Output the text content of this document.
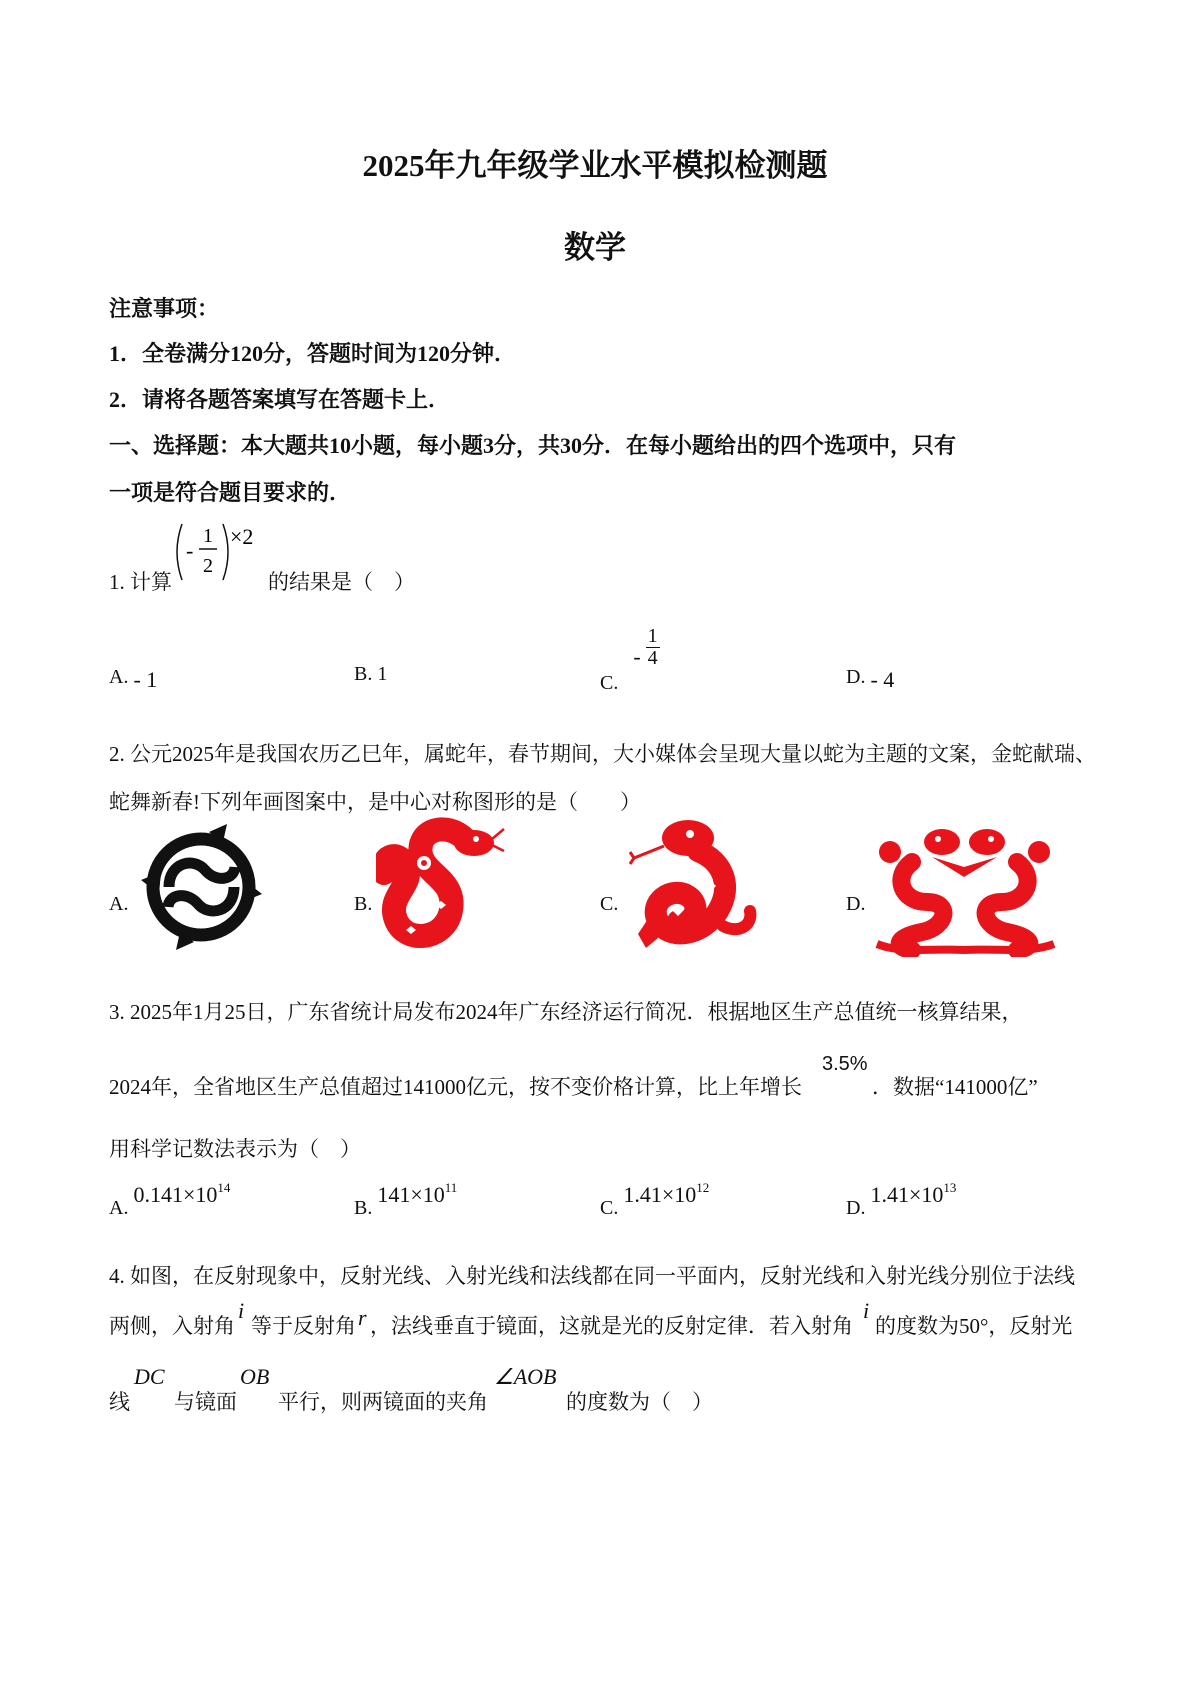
2025年九年级学业水平模拟检测题
数学
注意事项：
1．全卷满分120分，答题时间为120分钟．
2．请将各题答案填写在答题卡上．
一、选择题：本大题共10小题，每小题3分，共30分．在每小题给出的四个选项中，只有
一项是符合题目要求的．
1. 计算
-
1
2
×2
的结果是（　）
A. - 1	B. 1	C. - $\frac{1}{4}$
D. - 4
2. 公元2025年是我国农历乙巳年，属蛇年，春节期间，大小媒体会呈现大量以蛇为主题的文案，金蛇献瑞、
蛇舞新春!下列年画图案中，是中心对称图形的是（　　）
A.	B.	C.	D.
3. 2025年1月25日，广东省统计局发布2024年广东经济运行简况．根据地区生产总值统一核算结果，
2024年，全省地区生产总值超过141000亿元，按不变价格计算，比上年增长
3.5%
．数据“141000亿”
用科学记数法表示为（　）
A. $0.141\times 10^{14}$
B. $141\times 10^{11}$
C. $1.41\times 10^{12}$
D. $1.41\times 10^{13}$
4. 如图，在反射现象中，反射光线、入射光线和法线都在同一平面内，反射光线和入射光线分别位于法线
两侧，入射角
i
等于反射角 r ，法线垂直于镜面，这就是光的反射定律．若入射角
i
的度数为50°，反射光
线
DC
与镜面
OB
平行，则两镜面的夹角
∠AOB
的度数为（　）
